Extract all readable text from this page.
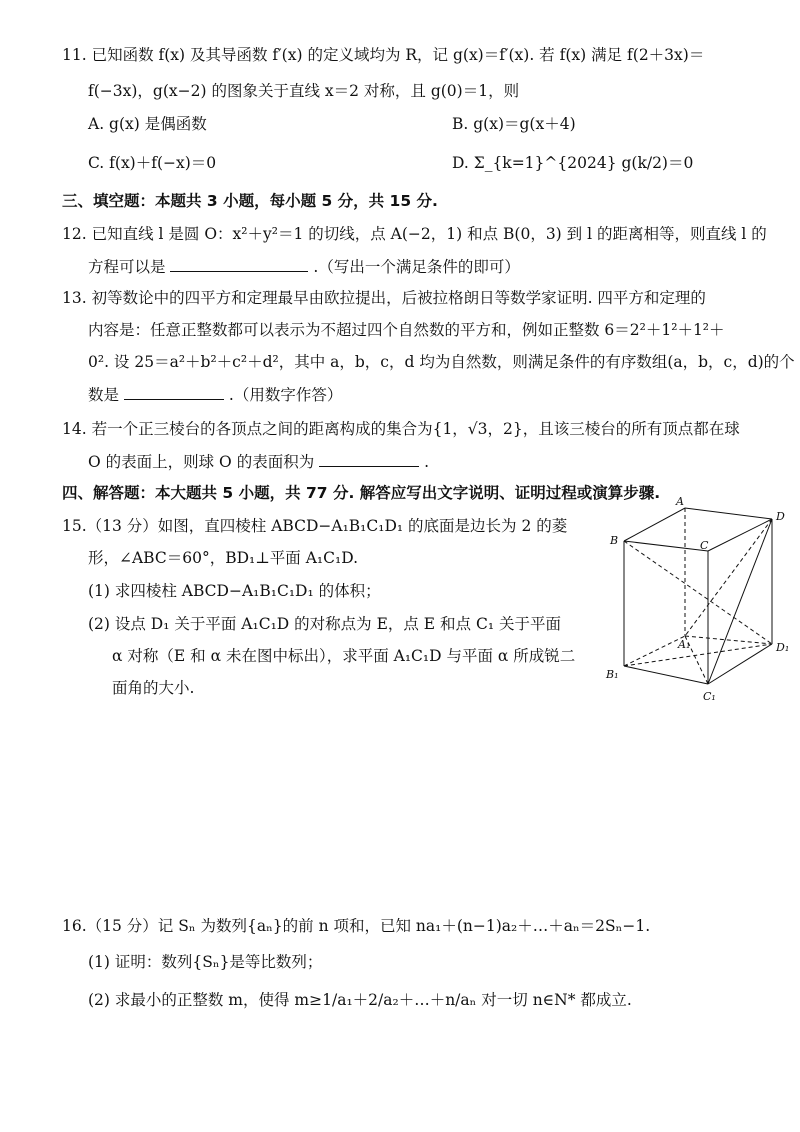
11. 已知函数 f(x) 及其导函数 f′(x) 的定义域均为 R，记 g(x)＝f′(x). 若 f(x) 满足 f(2＋3x)＝
f(−3x)，g(x−2) 的图象关于直线 x＝2 对称，且 g(0)＝1，则
A. g(x) 是偶函数	B. g(x)＝g(x＋4)
C. f(x)＋f(−x)＝0	D. Σ_{k=1}^{2024} g(k/2)＝0
三、填空题：本题共 3 小题，每小题 5 分，共 15 分.
12. 已知直线 l 是圆 O：x²＋y²＝1 的切线，点 A(−2，1) 和点 B(0，3) 到 l 的距离相等，则直线 l 的
方程可以是	.（写出一个满足条件的即可）
13. 初等数论中的四平方和定理最早由欧拉提出，后被拉格朗日等数学家证明. 四平方和定理的
内容是：任意正整数都可以表示为不超过四个自然数的平方和，例如正整数 6＝2²＋1²＋1²＋
0². 设 25＝a²＋b²＋c²＋d²，其中 a，b，c，d 均为自然数，则满足条件的有序数组(a，b，c，d)的个
数是	.（用数字作答）
14. 若一个正三棱台的各顶点之间的距离构成的集合为{1，√3，2}，且该三棱台的所有顶点都在球
O 的表面上，则球 O 的表面积为	.
四、解答题：本大题共 5 小题，共 77 分. 解答应写出文字说明、证明过程或演算步骤.
15.（13 分）如图，直四棱柱 ABCD−A₁B₁C₁D₁ 的底面是边长为 2 的菱
形，∠ABC＝60°，BD₁⊥平面 A₁C₁D.
(1) 求四棱柱 ABCD−A₁B₁C₁D₁ 的体积；
(2) 设点 D₁ 关于平面 A₁C₁D 的对称点为 E，点 E 和点 C₁ 关于平面
α 对称（E 和 α 未在图中标出），求平面 A₁C₁D 与平面 α 所成锐二
面角的大小.
A
B	C
D
A₁
B₁
C₁
D₁
16.（15 分）记 Sₙ 为数列{aₙ}的前 n 项和，已知 na₁＋(n−1)a₂＋…＋aₙ＝2Sₙ−1.
(1) 证明：数列{Sₙ}是等比数列；
(2) 求最小的正整数 m，使得 m≥1/a₁＋2/a₂＋…＋n/aₙ 对一切 n∈N* 都成立.
